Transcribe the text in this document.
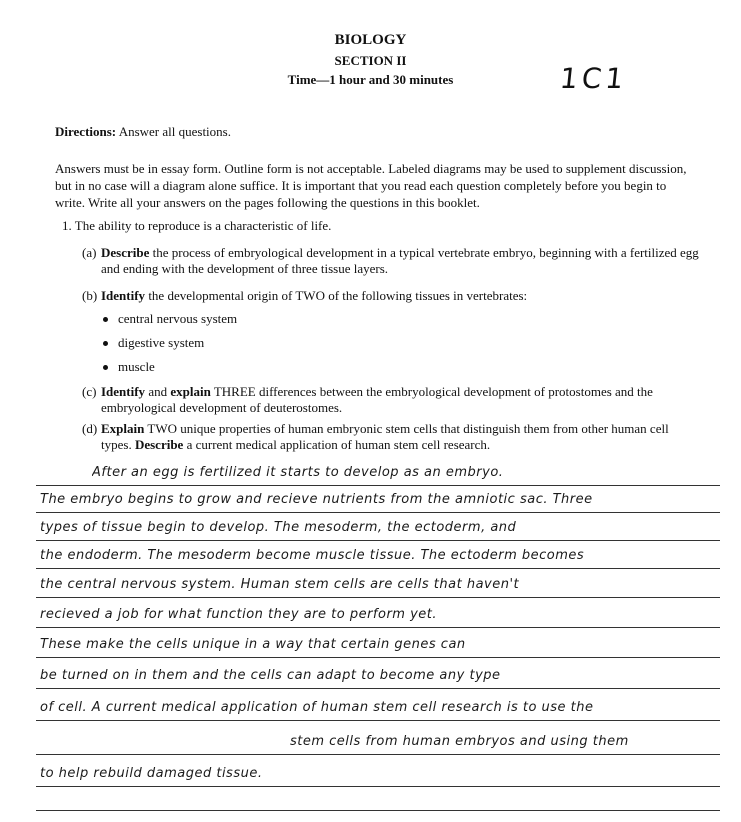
BIOLOGY
SECTION II
Time—1 hour and 30 minutes	1C1
Directions: Answer all questions.
Answers must be in essay form. Outline form is not acceptable. Labeled diagrams may be used to supplement discussion, but in no case will a diagram alone suffice. It is important that you read each question completely before you begin to write. Write all your answers on the pages following the questions in this booklet.
1. The ability to reproduce is a characteristic of life.
(a) Describe the process of embryological development in a typical vertebrate embryo, beginning with a fertilized egg and ending with the development of three tissue layers.
(b) Identify the developmental origin of TWO of the following tissues in vertebrates:
central nervous system
digestive system
muscle
(c) Identify and explain THREE differences between the embryological development of protostomes and the embryological development of deuterostomes.
(d) Explain TWO unique properties of human embryonic stem cells that distinguish them from other human cell types. Describe a current medical application of human stem cell research.
After an egg is fertilized it starts to develop as an embryo.
The embryo begins to grow and recieve nutrients from the amniotic sac. Three
types of tissue begin to develop. The mesoderm, the ectoderm, and
the endoderm. The mesoderm become muscle tissue. The ectoderm becomes
the central nervous system. Human stem cells are cells that haven't
recieved a job for what function they are to perform yet.
These make the cells unique in a way that certain genes can
be turned on in them and the cells can adapt to become any type
of cell. A current medical application of human stem cell research is to use the
stem cells from human embryos and using them
to help rebuild damaged tissue.
